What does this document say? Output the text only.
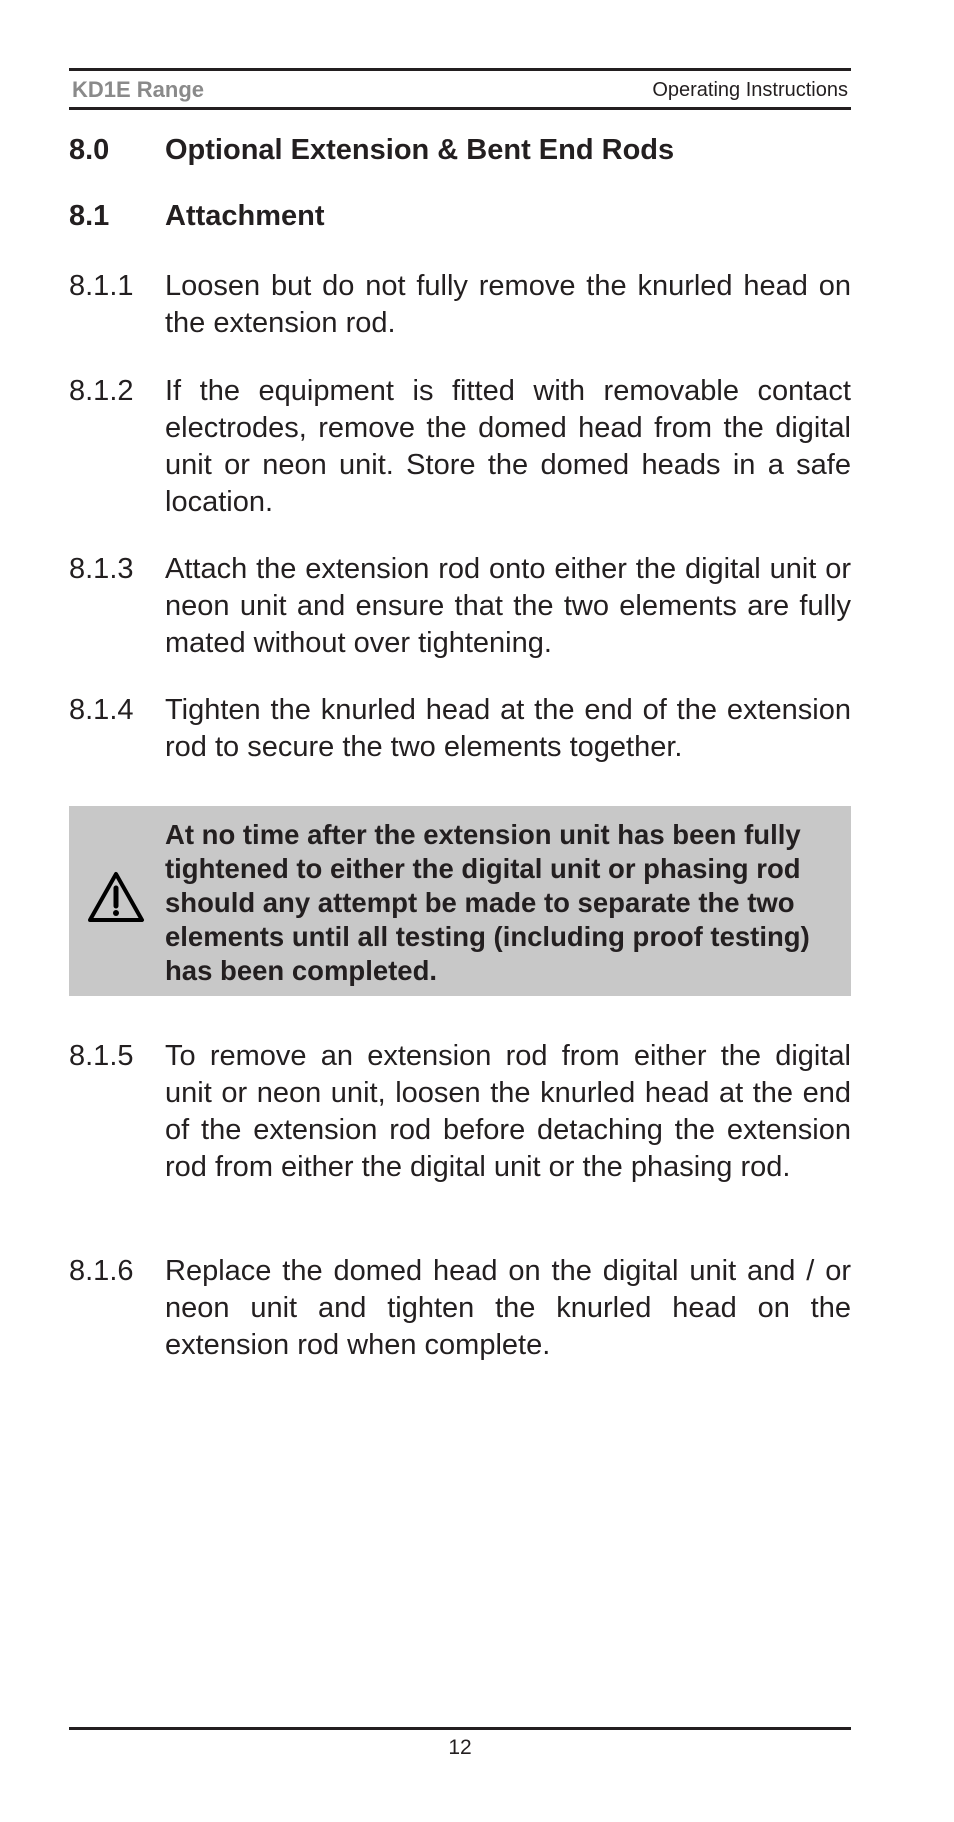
KD1E Range	Operating Instructions
8.0 Optional Extension & Bent End Rods
8.1 Attachment
8.1.1 Loosen but do not fully remove the knurled head on the extension rod.
8.1.2 If the equipment is fitted with removable contact electrodes, remove the domed head from the digital unit or neon unit. Store the domed heads in a safe location.
8.1.3 Attach the extension rod onto either the digital unit or neon unit and ensure that the two elements are fully mated without over tightening.
8.1.4 Tighten the knurled head at the end of the extension rod to secure the two elements together.
At no time after the extension unit has been fully tightened to either the digital unit or phasing rod should any attempt be made to separate the two elements until all testing (including proof testing) has been completed.
8.1.5 To remove an extension rod from either the digital unit or neon unit, loosen the knurled head at the end of the extension rod before detaching the extension rod from either the digital unit or the phasing rod.
8.1.6 Replace the domed head on the digital unit and / or neon unit and tighten the knurled head on the extension rod when complete.
12
